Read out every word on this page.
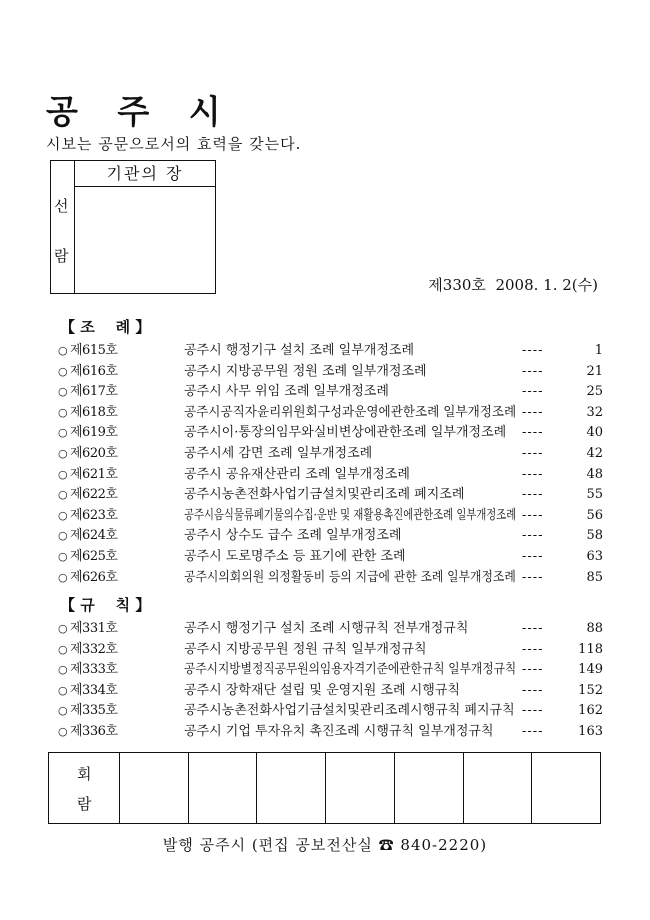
공 주 시
시보는 공문으로서의 효력을 갖는다.
선
람
기관의 장
제330호 2008. 1. 2(수)
【 조    례 】
○ 제615호	공주시 행정기구 설치 조례 일부개정조례	----	1
○ 제616호	공주시 지방공무원 정원 조례 일부개정조례	----	21
○ 제617호	공주시 사무 위임 조례 일부개정조례	----	25
○ 제618호	공주시공직자윤리위원회구성과운영에관한조례 일부개정조례 ----	32
○ 제619호	공주시이·통장의임무와실비변상에관한조례 일부개정조례	----	40
○ 제620호	공주시세 감면 조례 일부개정조례	----	42
○ 제621호	공주시 공유재산관리 조례 일부개정조례	----	48
○ 제622호	공주시농촌전화사업기금설치및관리조례 폐지조례	----	55
○ 제623호	공주시음식물류폐기물의수집·운반 및 재활용촉진에관한조례 일부개정조례 ----	56
○ 제624호	공주시 상수도 급수 조례 일부개정조례	----	58
○ 제625호	공주시 도로명주소 등 표기에 관한 조례	----	63
○ 제626호	공주시의회의원 의정활동비 등의 지급에 관한 조례 일부개정조례 ----	85
【 규    칙 】
○ 제331호	공주시 행정기구 설치 조례 시행규칙 전부개정규칙	----	88
○ 제332호	공주시 지방공무원 정원 규칙 일부개정규칙	----	118
○ 제333호	공주시지방별정직공무원의임용자격기준에관한규칙 일부개정규칙 ----	149
○ 제334호	공주시 장학재단 설립 및 운영지원 조례 시행규칙	----	152
○ 제335호	공주시농촌전화사업기금설치및관리조례시행규칙 폐지규칙 ----	162
○ 제336호	공주시 기업 투자유치 촉진조례 시행규칙 일부개정규칙	----	163
회
람
발행 공주시 (편집 공보전산실 ☎ 840-2220)
